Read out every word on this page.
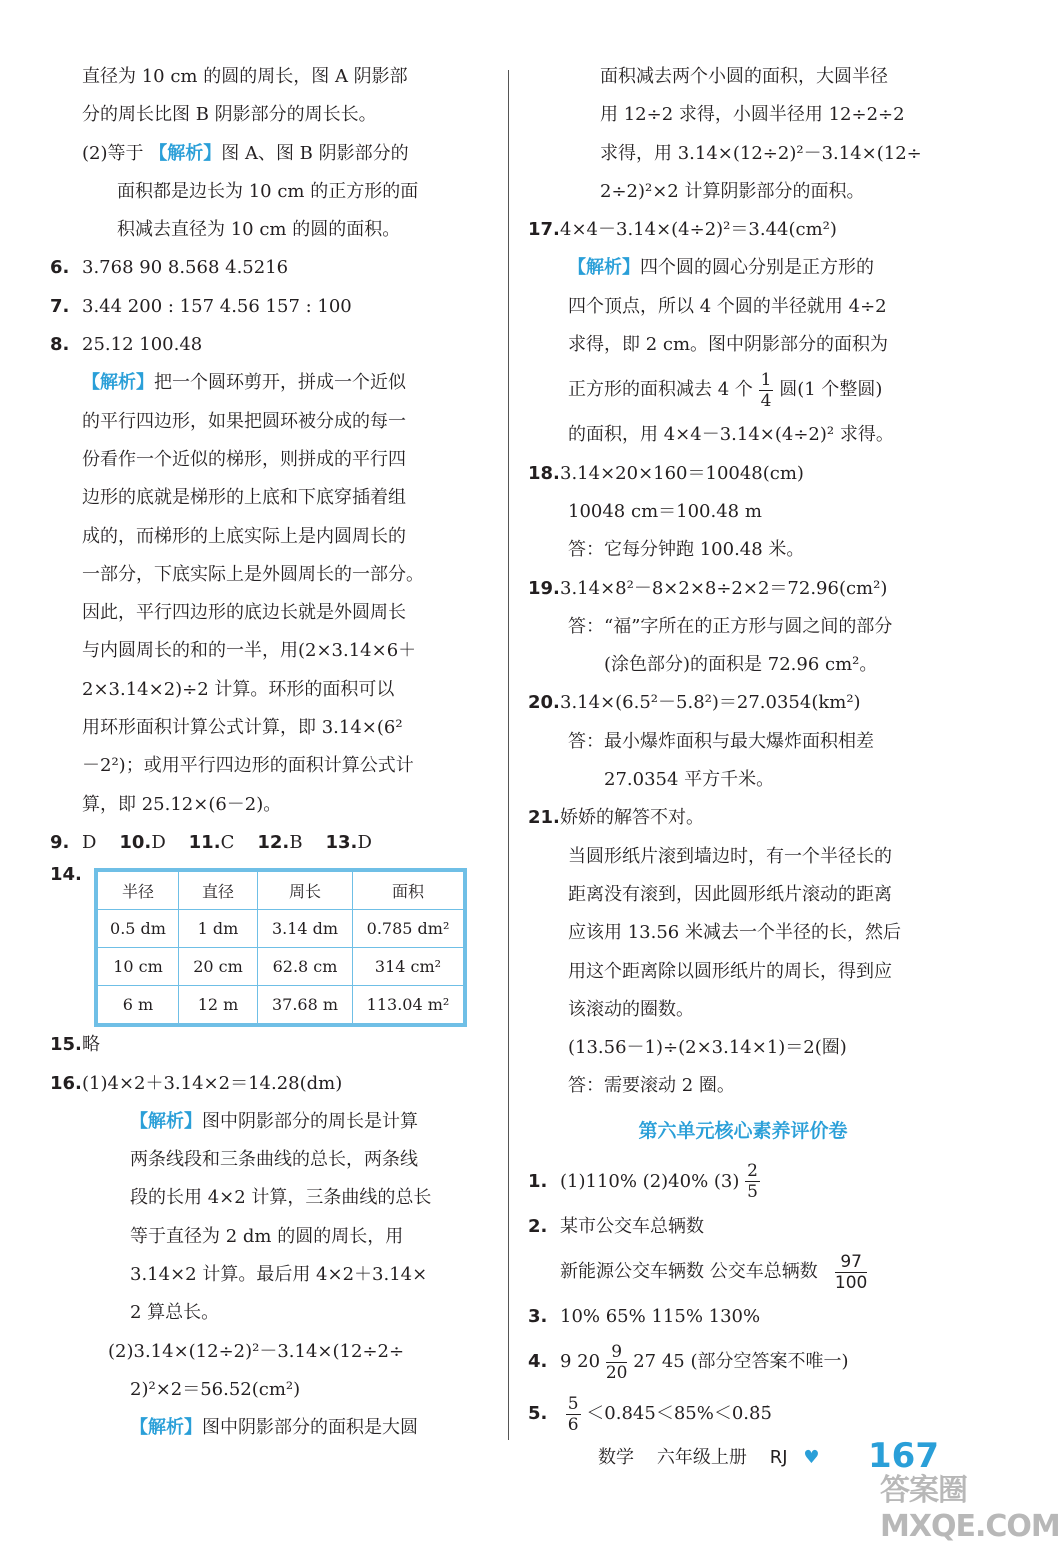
直径为 10 cm 的圆的周长，图 A 阴影部
分的周长比图 B 阴影部分的周长长。
(2)等于 【解析】图 A、图 B 阴影部分的
面积都是边长为 10 cm 的正方形的面
积减去直径为 10 cm 的圆的面积。
6. 3.768 90 8.568 4.5216
7. 3.44 200 : 157 4.56 157 : 100
8. 25.12 100.48
【解析】把一个圆环剪开，拼成一个近似
的平行四边形，如果把圆环被分成的每一
份看作一个近似的梯形，则拼成的平行四
边形的底就是梯形的上底和下底穿插着组
成的，而梯形的上底实际上是内圆周长的
一部分，下底实际上是外圆周长的一部分。
因此，平行四边形的底边长就是外圆周长
与内圆周长的和的一半，用(2×3.14×6＋
2×3.14×2)÷2 计算。环形的面积可以
用环形面积计算公式计算，即 3.14×(6²
－2²)；或用平行四边形的面积计算公式计
算，即 25.12×(6－2)。
9. D 10.D 11.C 12.B 13.D
14.
半径	直径	周长	面积
0.5 dm	1 dm	3.14 dm	0.785 dm²
10 cm	20 cm	62.8 cm	314 cm²
6 m	12 m	37.68 m	113.04 m²
15.略
16.(1)4×2＋3.14×2＝14.28(dm)
【解析】图中阴影部分的周长是计算
两条线段和三条曲线的总长，两条线
段的长用 4×2 计算，三条曲线的总长
等于直径为 2 dm 的圆的周长，用
3.14×2 计算。最后用 4×2＋3.14×
2 算总长。
(2)3.14×(12÷2)²－3.14×(12÷2÷
2)²×2＝56.52(cm²)
【解析】图中阴影部分的面积是大圆
面积减去两个小圆的面积，大圆半径
用 12÷2 求得，小圆半径用 12÷2÷2
求得，用 3.14×(12÷2)²－3.14×(12÷
2÷2)²×2 计算阴影部分的面积。
17.4×4－3.14×(4÷2)²＝3.44(cm²)
【解析】四个圆的圆心分别是正方形的
四个顶点，所以 4 个圆的半径就用 4÷2
求得，即 2 cm。图中阴影部分的面积为
正方形的面积减去 4 个 $\frac{1}{4}$ 圆(1 个整圆)
的面积，用 4×4－3.14×(4÷2)² 求得。
18.3.14×20×160＝10048(cm)
10048 cm＝100.48 m
答：它每分钟跑 100.48 米。
19.3.14×8²－8×2×8÷2×2＝72.96(cm²)
答：“福”字所在的正方形与圆之间的部分
(涂色部分)的面积是 72.96 cm²。
20.3.14×(6.5²－5.8²)＝27.0354(km²)
答：最小爆炸面积与最大爆炸面积相差
27.0354 平方千米。
21.娇娇的解答不对。
当圆形纸片滚到墙边时，有一个半径长的
距离没有滚到，因此圆形纸片滚动的距离
应该用 13.56 米减去一个半径的长，然后
用这个距离除以圆形纸片的周长，得到应
该滚动的圈数。
(13.56－1)÷(2×3.14×1)＝2(圈)
答：需要滚动 2 圈。
第六单元核心素养评价卷
1. (1)110% (2)40% $(3) \frac{2}{5}$
2. 某市公交车总辆数
新能源公交车辆数 公交车总辆数 $\frac{97}{100}$
3. 10% 65% 115% 130%
4. 9 $20 \frac{9}{20} 27$ 45 (部分空答案不唯一)
5. $\frac{5}{6}$ ＜0.845＜85%＜0.8̇5̇
数学 六年级上册 RJ ♥ 167
答案圈 MXQE.COM
